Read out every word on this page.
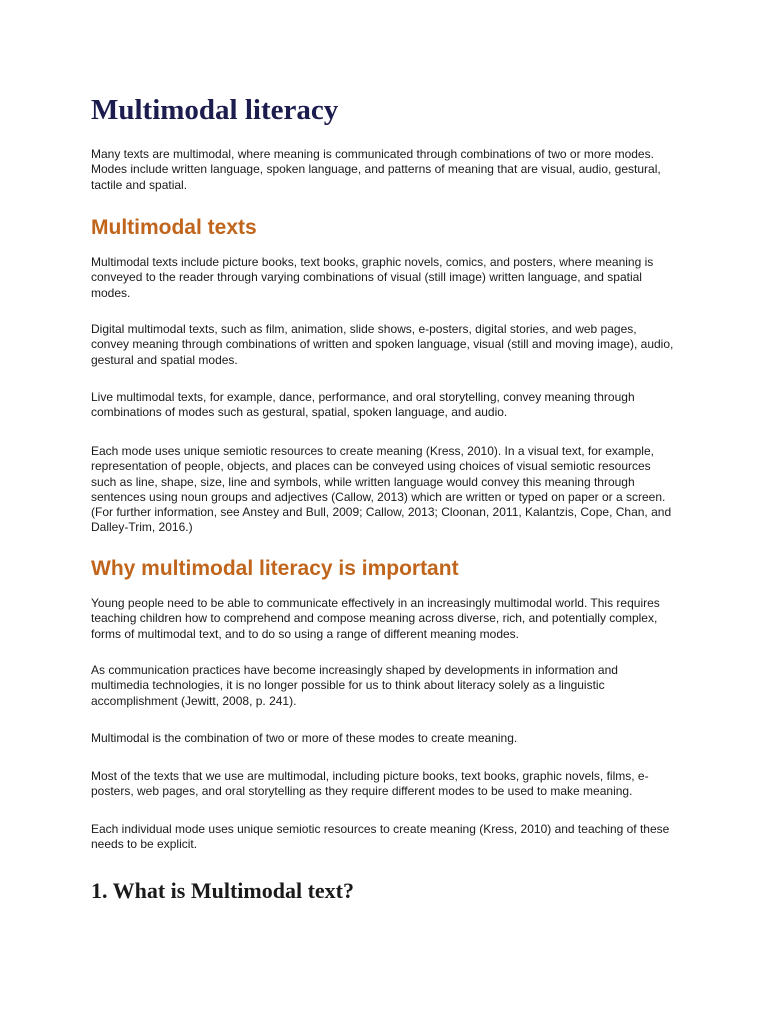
Multimodal literacy

Many texts are multimodal, where meaning is communicated through combinations of two or more modes. Modes include written language, spoken language, and patterns of meaning that are visual, audio, gestural, tactile and spatial.

Multimodal texts

Multimodal texts include picture books, text books, graphic novels, comics, and posters, where meaning is conveyed to the reader through varying combinations of visual (still image) written language, and spatial modes.

Digital multimodal texts, such as film, animation, slide shows, e-posters, digital stories, and web pages, convey meaning through combinations of written and spoken language, visual (still and moving image), audio, gestural and spatial modes.

Live multimodal texts, for example, dance, performance, and oral storytelling, convey meaning through combinations of modes such as gestural, spatial, spoken language, and audio.

Each mode uses unique semiotic resources to create meaning (Kress, 2010). In a visual text, for example, representation of people, objects, and places can be conveyed using choices of visual semiotic resources such as line, shape, size, line and symbols, while written language would convey this meaning through sentences using noun groups and adjectives (Callow, 2013) which are written or typed on paper or a screen. (For further information, see Anstey and Bull, 2009; Callow, 2013; Cloonan, 2011, Kalantzis, Cope, Chan, and Dalley-Trim, 2016.)

Why multimodal literacy is important

Young people need to be able to communicate effectively in an increasingly multimodal world. This requires teaching children how to comprehend and compose meaning across diverse, rich, and potentially complex, forms of multimodal text, and to do so using a range of different meaning modes.

As communication practices have become increasingly shaped by developments in information and multimedia technologies, it is no longer possible for us to think about literacy solely as a linguistic accomplishment (Jewitt, 2008, p. 241).

Multimodal is the combination of two or more of these modes to create meaning.

Most of the texts that we use are multimodal, including picture books, text books, graphic novels, films, e-posters, web pages, and oral storytelling as they require different modes to be used to make meaning.

Each individual mode uses unique semiotic resources to create meaning (Kress, 2010) and teaching of these needs to be explicit.

1. What is Multimodal text?
